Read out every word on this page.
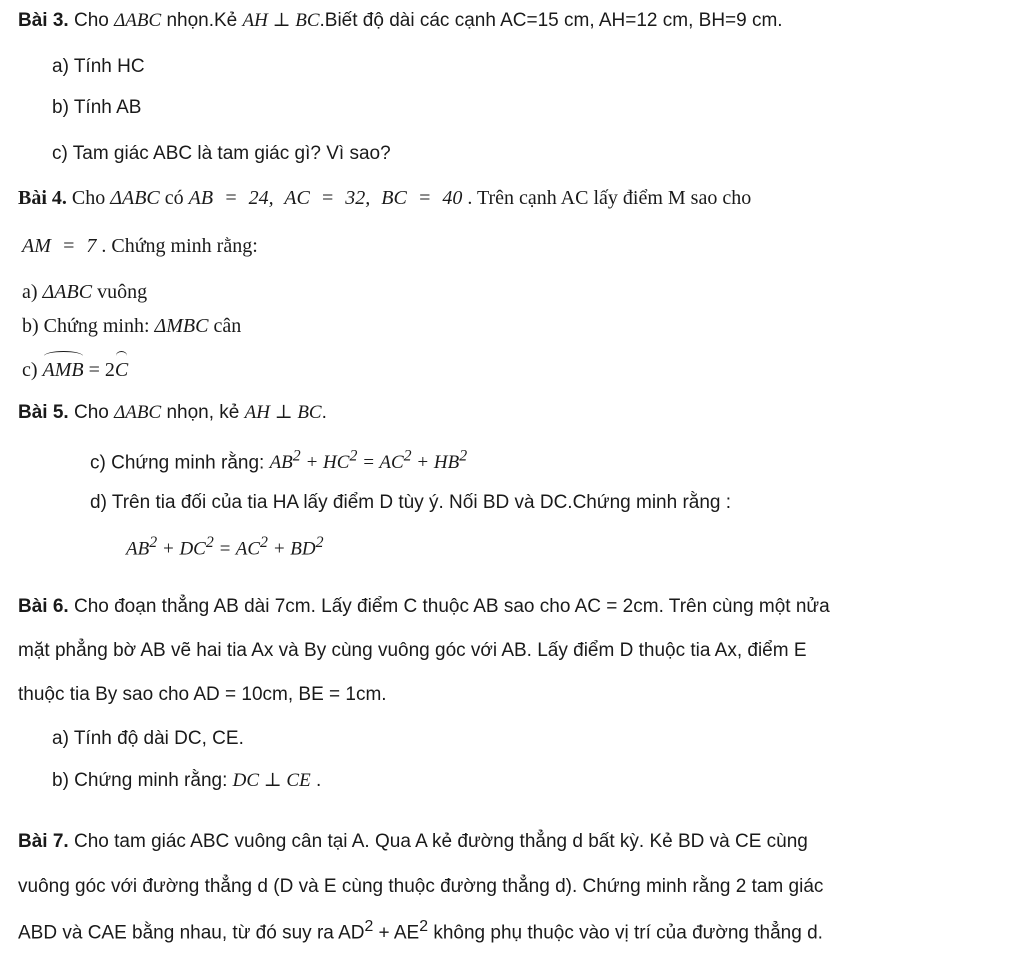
Bài 3. Cho ΔABC nhọn.Kẻ AH ⊥ BC.Biết độ dài các cạnh AC=15 cm, AH=12 cm, BH=9 cm.
a) Tính HC
b) Tính AB
c) Tam giác ABC là tam giác gì? Vì sao?
Bài 4. Cho ΔABC có AB = 24, AC = 32, BC = 40 . Trên cạnh AC lấy điểm M sao cho
AM = 7 . Chứng minh rằng:
a) ΔABC vuông
b) Chứng minh: ΔMBC cân
c) AMB = 2C
Bài 5. Cho ΔABC nhọn, kẻ AH ⊥ BC.
c) Chứng minh rằng: $AB^2 + HC^2 = AC^2 + HB^2$
d) Trên tia đối của tia HA lấy điểm D tùy ý. Nối BD và DC.Chứng minh rằng :
$AB^2 + DC^2 = AC^2 + BD^2$
Bài 6. Cho đoạn thẳng AB dài 7cm. Lấy điểm C thuộc AB sao cho AC = 2cm. Trên cùng một nửa
mặt phẳng bờ AB vẽ hai tia Ax và By cùng vuông góc với AB. Lấy điểm D thuộc tia Ax, điểm E
thuộc tia By sao cho AD = 10cm, BE = 1cm.
a) Tính độ dài DC, CE.
b) Chứng minh rằng: DC ⊥ CE .
Bài 7. Cho tam giác ABC vuông cân tại A. Qua A kẻ đường thẳng d bất kỳ. Kẻ BD và CE cùng
vuông góc với đường thẳng d (D và E cùng thuộc đường thẳng d). Chứng minh rằng 2 tam giác
ABD và CAE bằng nhau, từ đó suy ra $AD^2 + AE^2$ không phụ thuộc vào vị trí của đường thẳng d.
